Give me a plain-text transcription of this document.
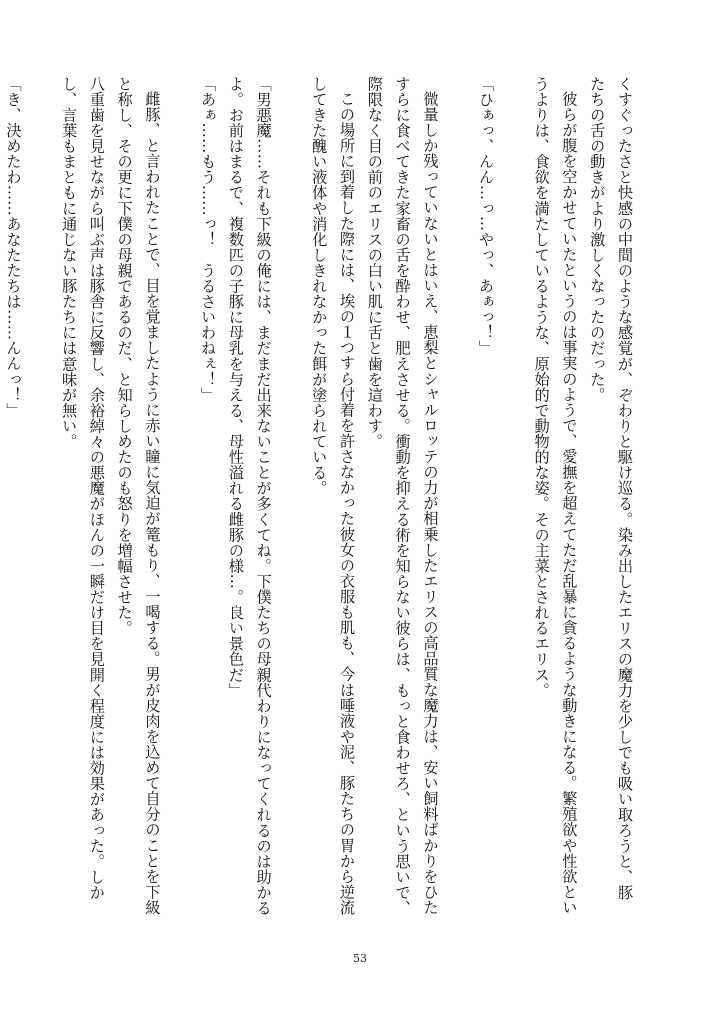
くすぐったさと快感の中間のような感覚が、ぞわりと駆け巡る。染み出したエリスの魔力を少しでも吸い取ろうと、豚

たちの舌の動きがより激しくなったのだった。

彼らが腹を空かせていたというのは事実のようで、愛撫を超えてただ乱暴に貪るような動きになる。繁殖欲や性欲とい

うよりは、食欲を満たしているような、原始的で動物的な姿。その主菜とされるエリス。

「ひぁっ、んん…っ…やっ、あぁっ！」

微量しか残っていないとはいえ、恵梨とシャルロッテの力が相乗したエリスの高品質な魔力は、安い飼料ばかりをひた

すらに食べてきた家畜の舌を酔わせ、肥えさせる。衝動を抑える術を知らない彼らは、もっと食わせろ、という思いで、

際限なく目の前のエリスの白い肌に舌と歯を這わす。

この場所に到着した際には、埃の１つすら付着を許さなかった彼女の衣服も肌も、今は唾液や泥、豚たちの胃から逆流

してきた醜い液体や消化しきれなかった餌が塗られている。

「男悪魔……それも下級の俺には、まだまだ出来ないことが多くてね。下僕たちの母親代わりになってくれるのは助かる

よ。お前はまるで、複数匹の子豚に母乳を与える、母性溢れる雌豚の様…。良い景色だ」

「あぁ……もう……っ！　うるさいわねぇ！」

雌豚、と言われたことで、目を覚ましたように赤い瞳に気迫が篭もり、一喝する。男が皮肉を込めて自分のことを下級

と称し、その更に下僕の母親であるのだ、と知らしめたのも怒りを増幅させた。

八重歯を見せながら叫ぶ声は豚舎に反響し、余裕綽々の悪魔がほんの一瞬だけ目を見開く程度には効果があった。しか

し、言葉もまともに通じない豚たちには意味が無い。

「き、決めたわ……あなたたちは……んんっ！」

53
